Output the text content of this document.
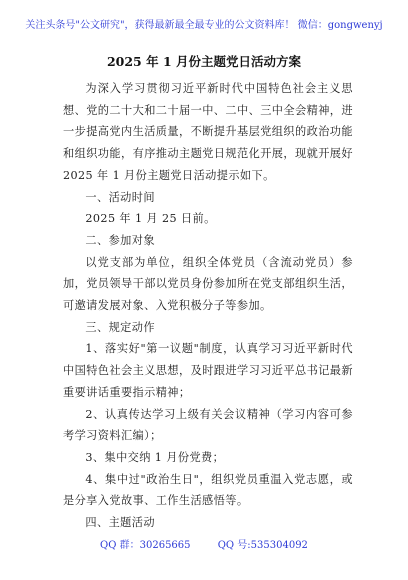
关注头条号"公文研究"，获得最新最全最专业的公文资料库！ 微信：gongwenyj
2025 年 1 月份主题党日活动方案

为深入学习贯彻习近平新时代中国特色社会主义思想、党的二十大和二十届一中、二中、三中全会精神，进一步提高党内生活质量，不断提升基层党组织的政治功能和组织功能，有序推动主题党日规范化开展，现就开展好 2025 年 1 月份主题党日活动提示如下。

一、活动时间

2025 年 1 月 25 日前。

二、参加对象

以党支部为单位，组织全体党员（含流动党员）参加，党员领导干部以党员身份参加所在党支部组织生活，可邀请发展对象、入党积极分子等参加。

三、规定动作

1、落实好"第一议题"制度，认真学习习近平新时代中国特色社会主义思想，及时跟进学习习近平总书记最新重要讲话重要指示精神；

2、认真传达学习上级有关会议精神（学习内容可参考学习资料汇编）；

3、集中交纳 1 月份党费；

4、集中过"政治生日"，组织党员重温入党志愿，或是分享入党故事、工作生活感悟等。

四、主题活动

QQ 群：30265665	QQ 号:535304092
